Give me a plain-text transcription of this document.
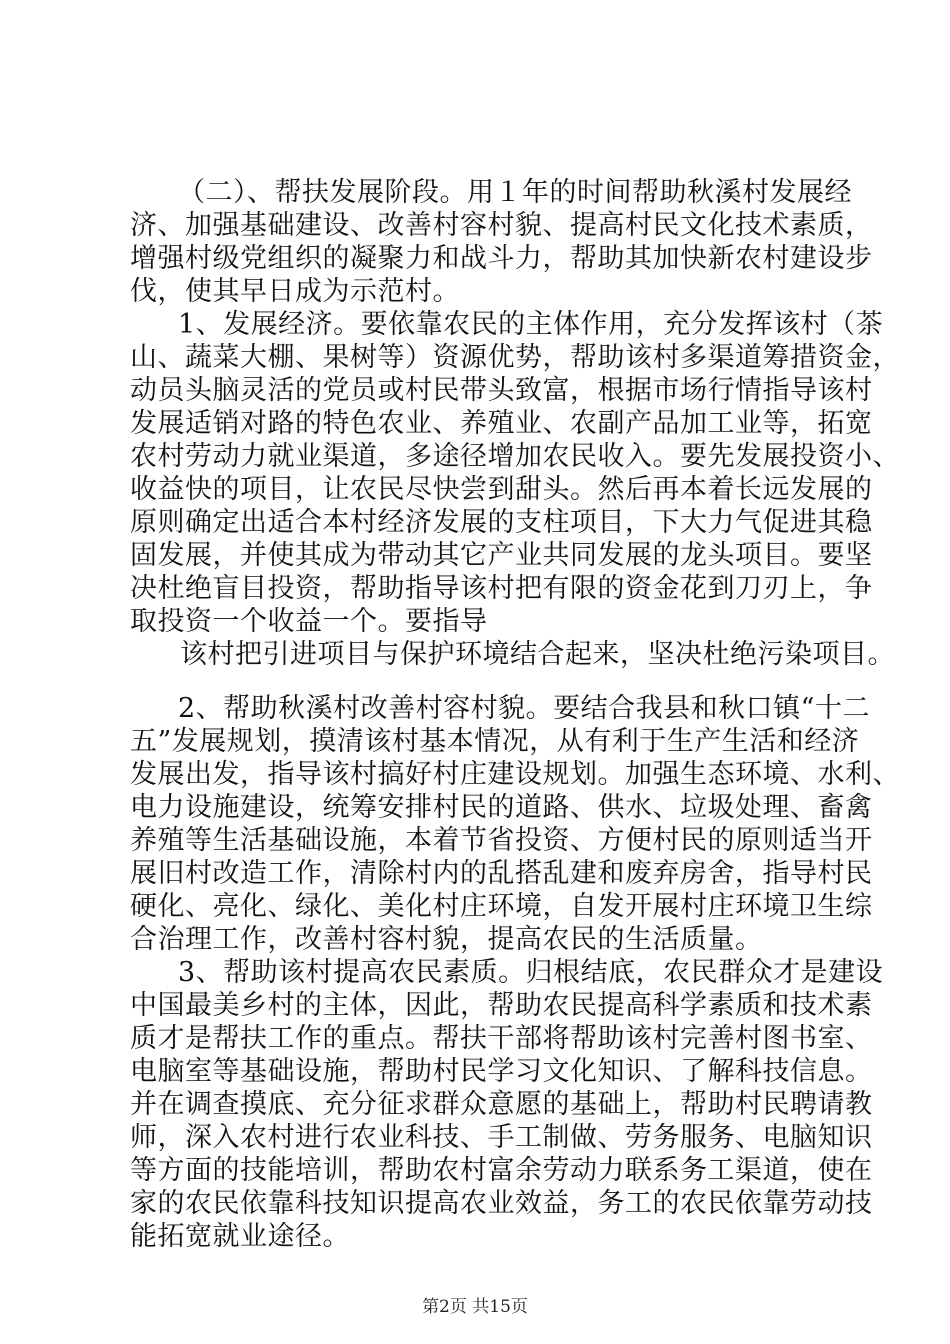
（二）、帮扶发展阶段。用１年的时间帮助秋溪村发展经
济、加强基础建设、改善村容村貌、提高村民文化技术素质，
增强村级党组织的凝聚力和战斗力，帮助其加快新农村建设步
伐，使其早日成为示范村。
1、发展经济。要依靠农民的主体作用，充分发挥该村（茶
山、蔬菜大棚、果树等）资源优势，帮助该村多渠道筹措资金，
动员头脑灵活的党员或村民带头致富，根据市场行情指导该村
发展适销对路的特色农业、养殖业、农副产品加工业等，拓宽
农村劳动力就业渠道，多途径增加农民收入。要先发展投资小、
收益快的项目，让农民尽快尝到甜头。然后再本着长远发展的
原则确定出适合本村经济发展的支柱项目，下大力气促进其稳
固发展，并使其成为带动其它产业共同发展的龙头项目。要坚
决杜绝盲目投资，帮助指导该村把有限的资金花到刀刃上，争
取投资一个收益一个。要指导
该村把引进项目与保护环境结合起来，坚决杜绝污染项目。
2、帮助秋溪村改善村容村貌。要结合我县和秋口镇“十二
五”发展规划，摸清该村基本情况，从有利于生产生活和经济
发展出发，指导该村搞好村庄建设规划。加强生态环境、水利、
电力设施建设，统筹安排村民的道路、供水、垃圾处理、畜禽
养殖等生活基础设施，本着节省投资、方便村民的原则适当开
展旧村改造工作，清除村内的乱搭乱建和废弃房舍，指导村民
硬化、亮化、绿化、美化村庄环境，自发开展村庄环境卫生综
合治理工作，改善村容村貌，提高农民的生活质量。
3、帮助该村提高农民素质。归根结底，农民群众才是建设
中国最美乡村的主体，因此，帮助农民提高科学素质和技术素
质才是帮扶工作的重点。帮扶干部将帮助该村完善村图书室、
电脑室等基础设施，帮助村民学习文化知识、了解科技信息。
并在调查摸底、充分征求群众意愿的基础上，帮助村民聘请教
师，深入农村进行农业科技、手工制做、劳务服务、电脑知识
等方面的技能培训，帮助农村富余劳动力联系务工渠道，使在
家的农民依靠科技知识提高农业效益，务工的农民依靠劳动技
能拓宽就业途径。
第2页 共15页
